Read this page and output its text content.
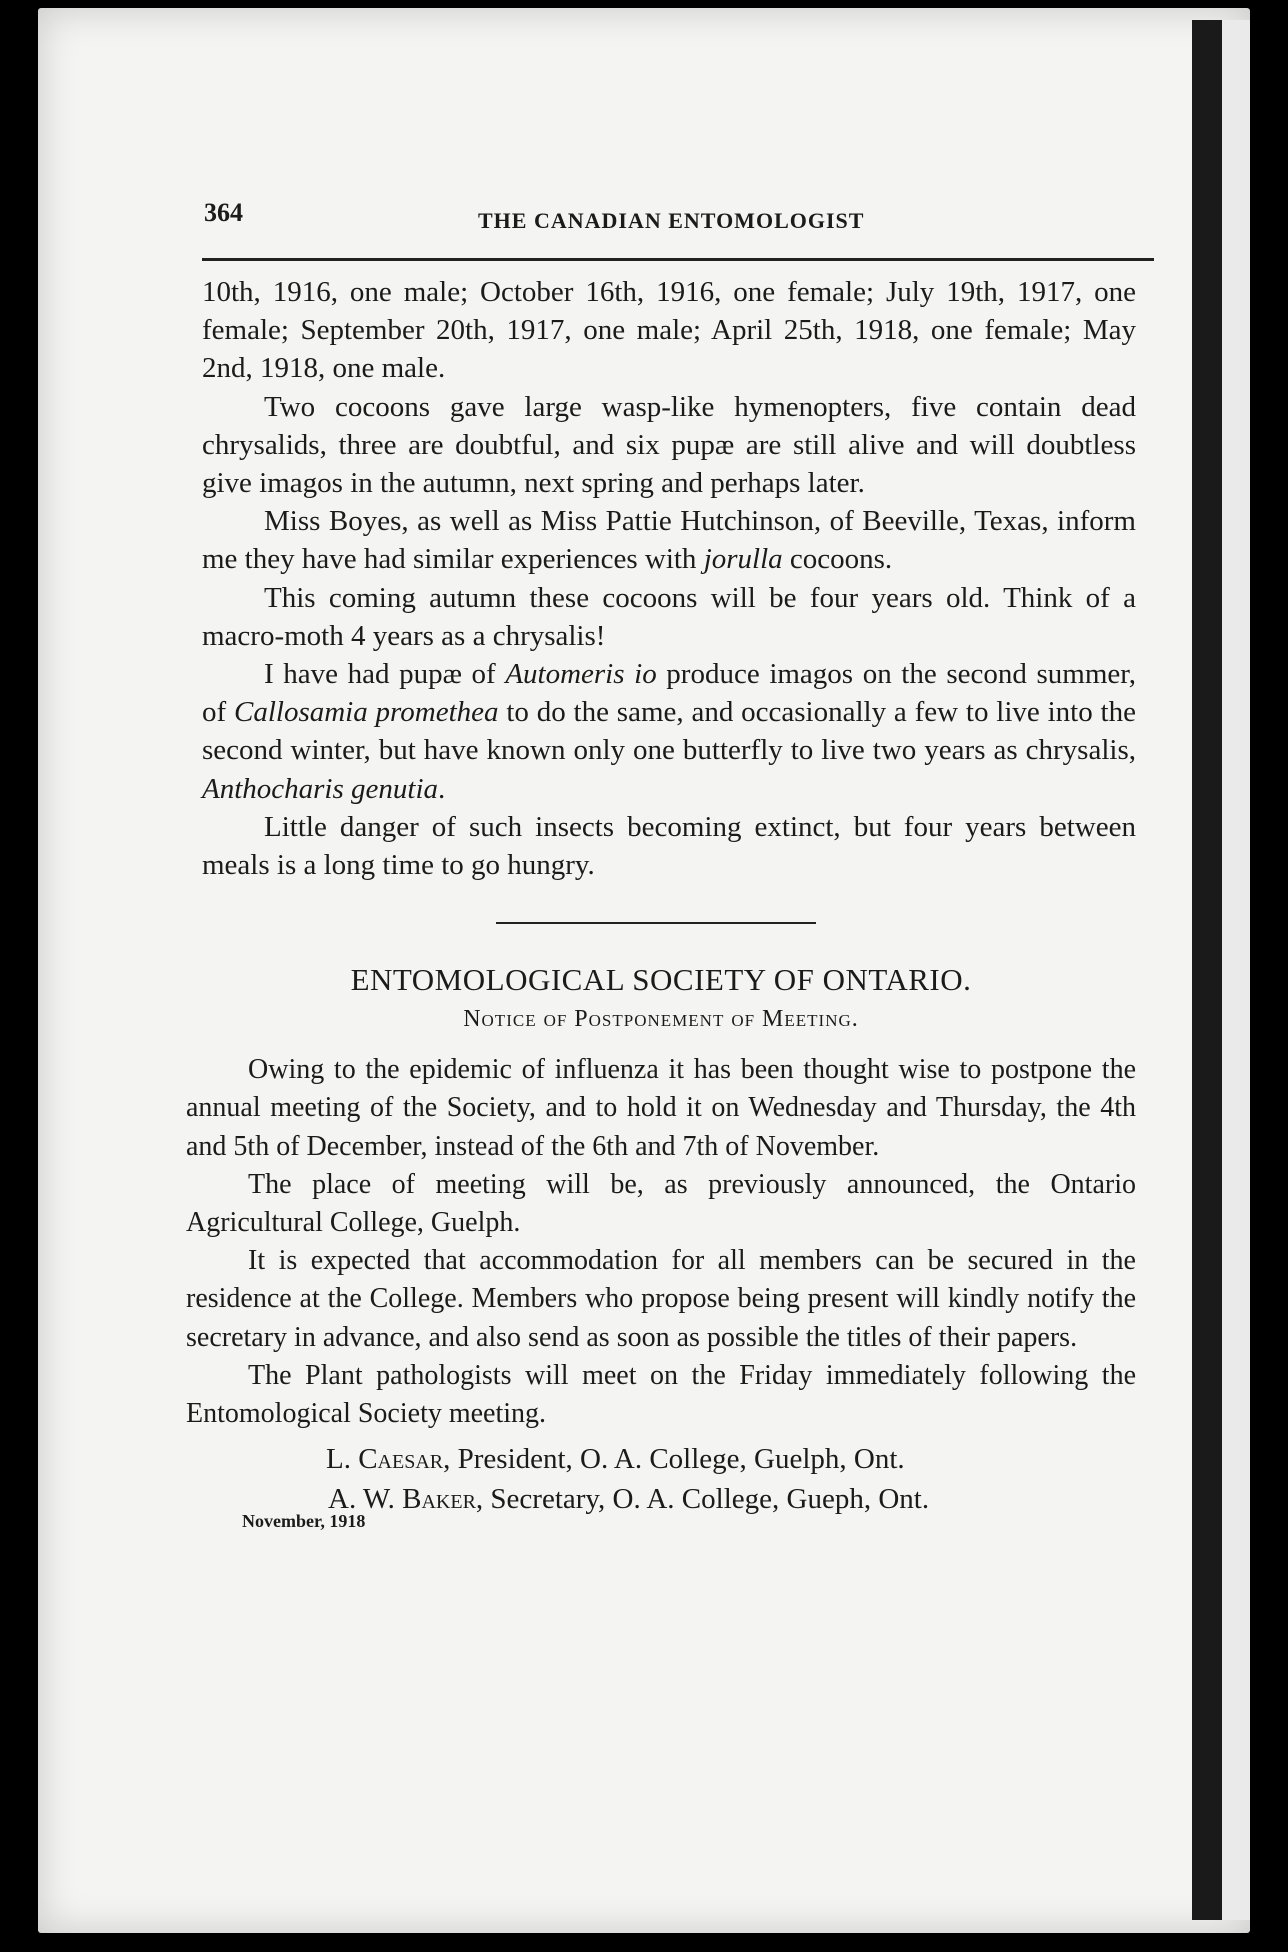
364	THE CANADIAN ENTOMOLOGIST

10th, 1916, one male; October 16th, 1916, one female; July 19th, 1917, one female; September 20th, 1917, one male; April 25th, 1918, one female; May 2nd, 1918, one male.

Two cocoons gave large wasp-like hymenopters, five contain dead chrysalids, three are doubtful, and six pupæ are still alive and will doubtless give imagos in the autumn, next spring and perhaps later.

Miss Boyes, as well as Miss Pattie Hutchinson, of Beeville, Texas, inform me they have had similar experiences with jorulla cocoons.

This coming autumn these cocoons will be four years old. Think of a macro-moth 4 years as a chrysalis!

I have had pupæ of Automeris io produce imagos on the second summer, of Callosamia promethea to do the same, and occasionally a few to live into the second winter, but have known only one butterfly to live two years as chrysalis, Anthocharis genutia.

Little danger of such insects becoming extinct, but four years between meals is a long time to go hungry.

ENTOMOLOGICAL SOCIETY OF ONTARIO.
Notice of Postponement of Meeting.

Owing to the epidemic of influenza it has been thought wise to postpone the annual meeting of the Society, and to hold it on Wednesday and Thursday, the 4th and 5th of December, instead of the 6th and 7th of November.

The place of meeting will be, as previously announced, the Ontario Agricultural College, Guelph.

It is expected that accommodation for all members can be secured in the residence at the College. Members who propose being present will kindly notify the secretary in advance, and also send as soon as possible the titles of their papers.

The Plant pathologists will meet on the Friday immediately following the Entomological Society meeting.

L. Caesar, President, O. A. College, Guelph, Ont.

A. W. Baker, Secretary, O. A. College, Gueph, Ont.

November, 1918
